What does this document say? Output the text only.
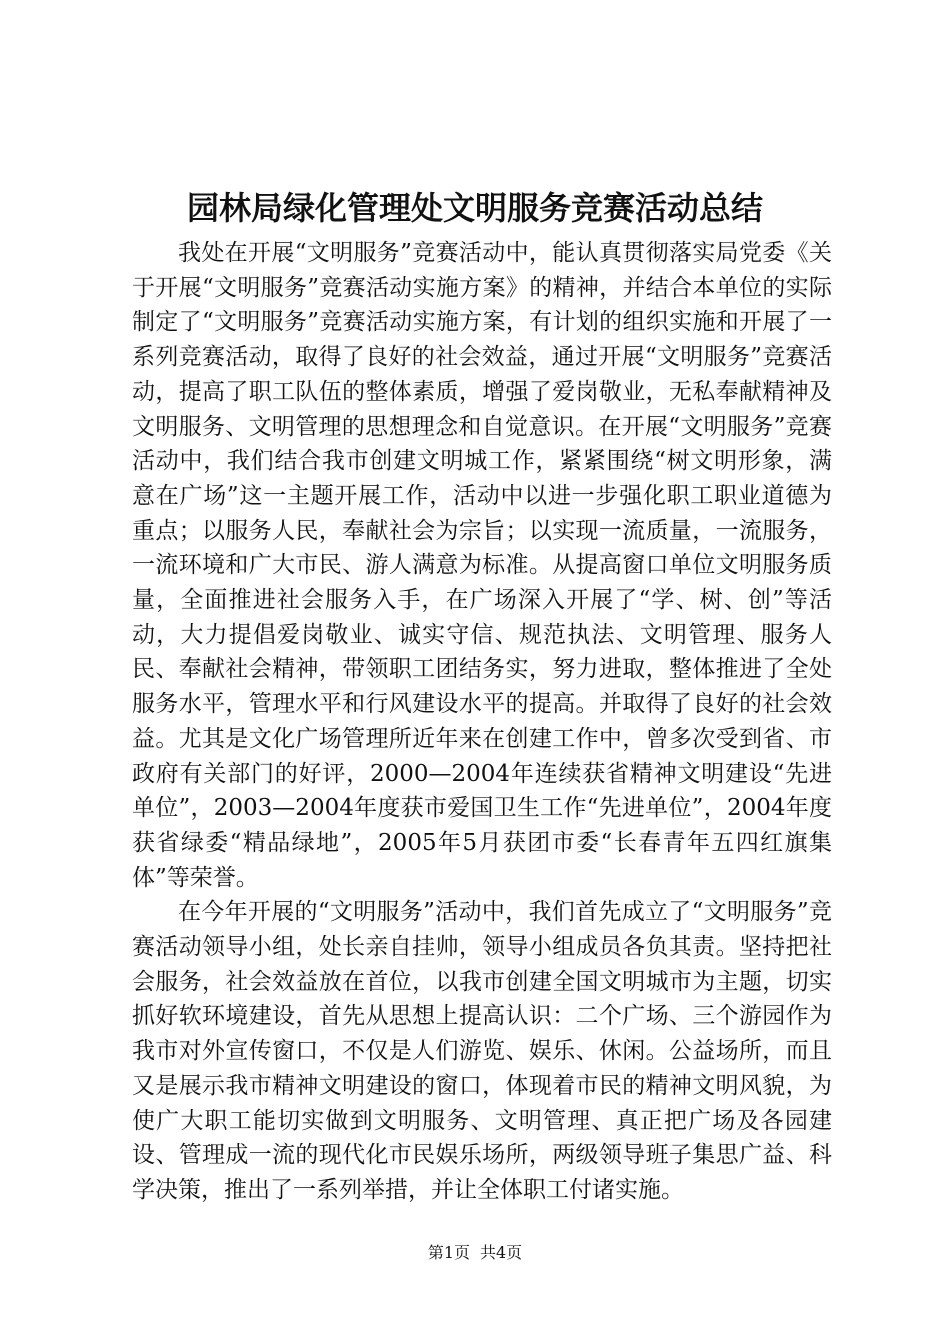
园林局绿化管理处文明服务竞赛活动总结

我处在开展“文明服务”竞赛活动中，能认真贯彻落实局党委《关于开展“文明服务”竞赛活动实施方案》的精神，并结合本单位的实际制定了“文明服务”竞赛活动实施方案，有计划的组织实施和开展了一系列竞赛活动，取得了良好的社会效益，通过开展“文明服务”竞赛活动，提高了职工队伍的整体素质，增强了爱岗敬业，无私奉献精神及文明服务、文明管理的思想理念和自觉意识。在开展“文明服务”竞赛活动中，我们结合我市创建文明城工作，紧紧围绕“树文明形象，满意在广场”这一主题开展工作，活动中以进一步强化职工职业道德为重点；以服务人民，奉献社会为宗旨；以实现一流质量，一流服务，一流环境和广大市民、游人满意为标准。从提高窗口单位文明服务质量，全面推进社会服务入手，在广场深入开展了“学、树、创”等活动，大力提倡爱岗敬业、诚实守信、规范执法、文明管理、服务人民、奉献社会精神，带领职工团结务实，努力进取，整体推进了全处服务水平，管理水平和行风建设水平的提高。并取得了良好的社会效益。尤其是文化广场管理所近年来在创建工作中，曾多次受到省、市政府有关部门的好评，2000—2004年连续获省精神文明建设“先进单位”，2003—2004年度获市爱国卫生工作“先进单位”，2004年度获省绿委“精品绿地”，2005年5月获团市委“长春青年五四红旗集体”等荣誉。

在今年开展的“文明服务”活动中，我们首先成立了“文明服务”竞赛活动领导小组，处长亲自挂帅，领导小组成员各负其责。坚持把社会服务，社会效益放在首位，以我市创建全国文明城市为主题，切实抓好软环境建设，首先从思想上提高认识：二个广场、三个游园作为我市对外宣传窗口，不仅是人们游览、娱乐、休闲。公益场所，而且又是展示我市精神文明建设的窗口，体现着市民的精神文明风貌，为使广大职工能切实做到文明服务、文明管理、真正把广场及各园建设、管理成一流的现代化市民娱乐场所，两级领导班子集思广益、科学决策，推出了一系列举措，并让全体职工付诸实施。

第1页 共4页
